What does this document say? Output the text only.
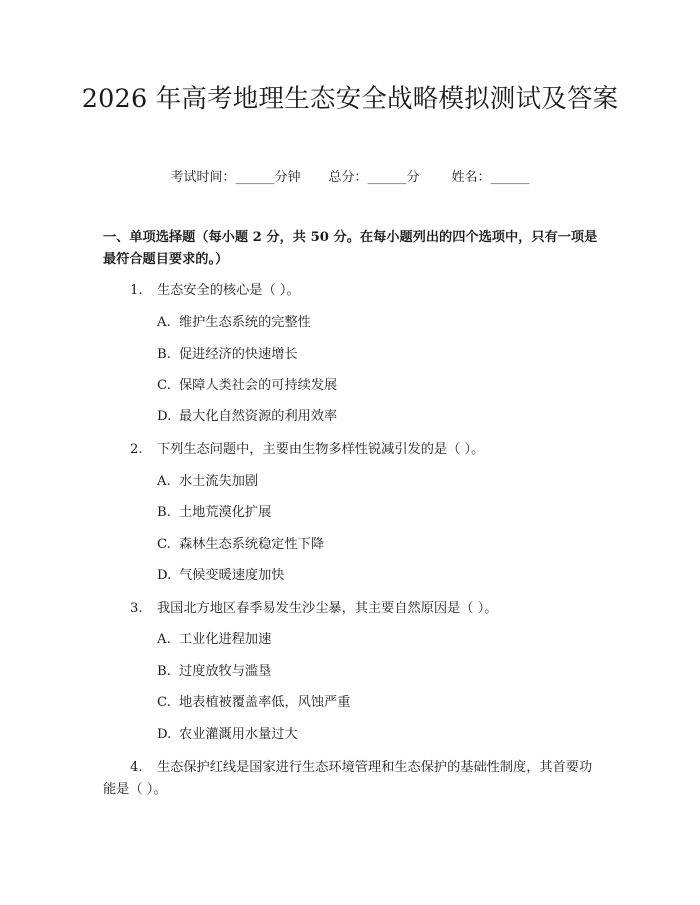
2026 年高考地理生态安全战略模拟测试及答案
考试时间：______分钟 总分：______分 姓名：______
一、单项选择题（每小题 2 分，共 50 分。在每小题列出的四个选项中，只有一项是最符合题目要求的。）
1. 生态安全的核心是（ ）。
A. 维护生态系统的完整性
B. 促进经济的快速增长
C. 保障人类社会的可持续发展
D. 最大化自然资源的利用效率
2. 下列生态问题中，主要由生物多样性锐减引发的是（ ）。
A. 水土流失加剧
B. 土地荒漠化扩展
C. 森林生态系统稳定性下降
D. 气候变暖速度加快
3. 我国北方地区春季易发生沙尘暴，其主要自然原因是（ ）。
A. 工业化进程加速
B. 过度放牧与滥垦
C. 地表植被覆盖率低，风蚀严重
D. 农业灌溉用水量过大
4.	生态保护红线是国家进行生态环境管理和生态保护的基础性制度，其首要功能是（ ）。
